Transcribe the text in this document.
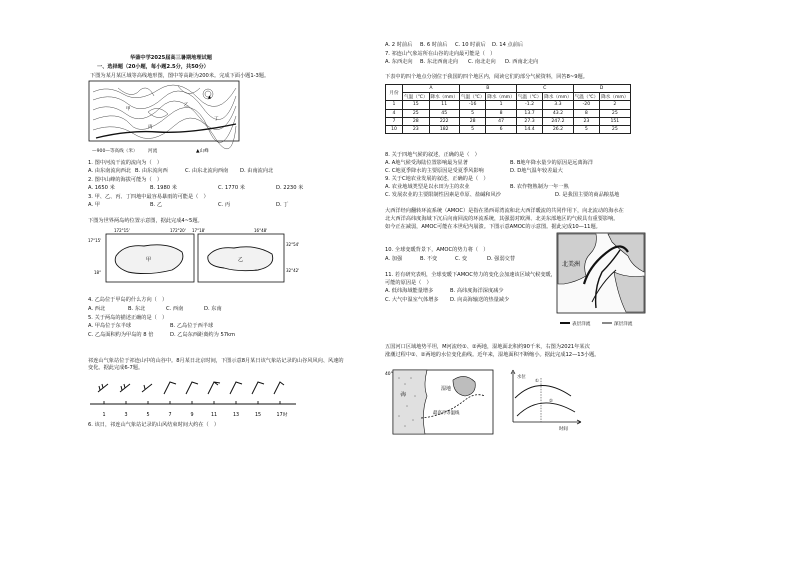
华蓥中学2025届高三暑期地理试题
一、选择题（20小题，每小题2.5分，共50分）
下图为某月某区域等高线地形图，图中等高距为200米。完成下面小题1-3题。
▲
甲
乙
丙
丁
—900—等高线（米） 河流	▲山峰
1. 图中河流干流的流向为（　）
A. 由东南流向西北 B. 由东流向西	C. 由东北流向西南 D. 由南流向北
2. 图中山峰的海拔可能为（　）
A. 1650 米	B. 1980 米	C. 1770 米	D. 2230 米
3. 甲、乙、丙、丁四地中最容易暴雨的可能是（　）
A. 甲	B. 乙	C. 丙	D. 丁
下图为世界两岛屿位置示意图，据此完成4~5题。
172°15'	172°20' 17°18'	16°48'
17°15'
18°
32°54'
32°42'
甲	乙
4. 乙岛位于甲岛的什么方向（　）
A. 西北	B. 东北	C. 西南	D. 东南
5. 关于两岛的描述正确的是（　）
A. 甲岛位于东半球	B. 乙岛位于西半球
C. 乙岛面积约为甲岛的 8 倍	D. 乙岛东西距离约为 57km
祁连山气象站位于祁连山中的山谷中。8月某日北京时间，下图示意8月某日该气象站记录的山谷风风向、风速的变化。据此完成6-7题。
1	3	5	7	9	11	13	15	17时
6. 该日，祁连山气象站记录的山风结束时间大约在（　）
A. 2 时前后 B. 6 时前后 C. 10 时前后 D. 14 点前后
7. 祁连山气象站所在山谷的走向最可能是（　）
A. 东西走向 B. 东北西南走向 C. 南北走向 D. 西南北走向
下表中的四个地点分别位于我国的四个地区内，阅读它们的部分气候资料，回答8~9题。
月份	A		B		C		D	
	气温（℃）	降水（mm）	气温（℃）	降水（mm）	气温（℃）	降水（mm）	气温（℃）	降水（mm）
1	15	11	-16	1	-1.2	3.3	-20	2
4	25	45	5	8	13.7	43.2	8	25
7	28	222	28	47	27.3	247.2	23	151
10	23	182	5	6	14.4	26.2	5	25
8. 关于四地气候的叙述，正确的是（　）
A. A地气候受海陆位置影响最为显著	B. B地年降水量少的原因是远离海洋
C. C地夏季降水的主要原因是受夏季风影响	D. D地气温年较差最大
9. 关于C地农业发展的叙述，正确的是（　）
A. 农业地域类型是以水田为主的农业	B. 农作物熟制为一年一熟
C. 发展农业的主要限制性因素是草原、盐碱和风沙	D. 是我国主要的商品粮基地
大西洋经向翻转环流系统（AMOC）是指在墨西哥湾流和北大西洋暖流的共同作用下，向北流动的海水在
北大西洋高纬度海域下沉后向南回流的环流系统，其强弱对欧洲、北美东部地区的气候具有重要影响。
如今正在减弱，AMOC可能在本世纪内崩溃。下图示意AMOC的示意图。据此完成10—11题。
10. 全球变暖背景下，AMOC的势力将（　）
A. 加强	B. 不变	C. 变	D. 强弱交替
11. 若有研究表明，全球变暖下AMOC势力的变化会加速该区域气候变暖，
可能的原因是（　）
A. 低纬海域能量增多	B. 高纬度海洋深度减少
C. 大气中温室气体增多 D. 向高海输送的热量减少
北美洲
表层洋流	深层洋流
五国河口区域地势平坦，M河流经①、②两地，湿地面北积约90千米，右图为2021年某次
涨潮过程中①、②两地的水位变化曲线。近年来，湿地面积不断缩小。据此完成12—13小题。
湿地
海
最高月等温线
40°
水位
时间
①
②
